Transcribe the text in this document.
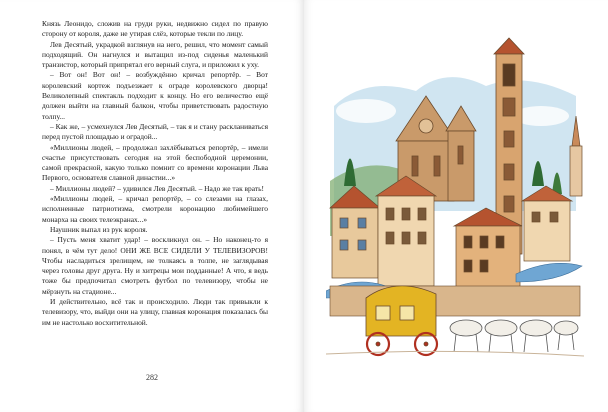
Князь Леонидо, сложив на груди руки, недвижно сидел по правую сторону от короля, даже не утирая слёз, которые текли по лицу.

Лев Десятый, украдкой взглянув на него, решил, что момент самый подходящий. Он нагнулся и вытащил из-под сиденья маленький транзистор, который припрятал его верный слуга, и приложил к уху.

– Вот он! Вот он! – возбуждённо кричал репортёр. – Вот королевский кортеж подъезжает к ограде королевского дворца! Великолепный спектакль подходит к концу. Но его величество ещё должен выйти на главный балкон, чтобы приветствовать радостную толпу...

– Как же, – усмехнулся Лев Десятый, – так я и стану раскланиваться перед пустой площадью и оградой...

«Миллионы людей, – продолжал захлёбываться репортёр, – имели счастье присутствовать сегодня на этой беспободной церемонии, самой прекрасной, какую только помнит со времени коронации Льва Первого, основателя славной династии...»

– Миллионы людей? – удивился Лев Десятый. – Надо же так врать!

«Миллионы людей, – кричал репортёр, – со слезами на глазах, исполненные патриотизма, смотрели коронацию любимейшего монарха на своих телеэкранах...»

Наушник выпал из рук короля.

– Пусть меня хватит удар! – воскликнул он. – Но наконец-то я понял, в чём тут дело! ОНИ ЖЕ ВСЕ СИДЕЛИ У ТЕЛЕВИЗОРОВ! Чтобы насладиться зрелищем, не толкаясь в толпе, не заглядывая через головы друг друга. Ну и хитрецы мои подданные! А что, я ведь тоже бы предпочитал смотреть футбол по телевизору, чтобы не мёрзнуть на стадионе...

И действительно, всё так и происходило. Люди так привыкли к телевизору, что, выйди они на улицу, главная коронация показалась бы им не настолько восхитительной.

282
